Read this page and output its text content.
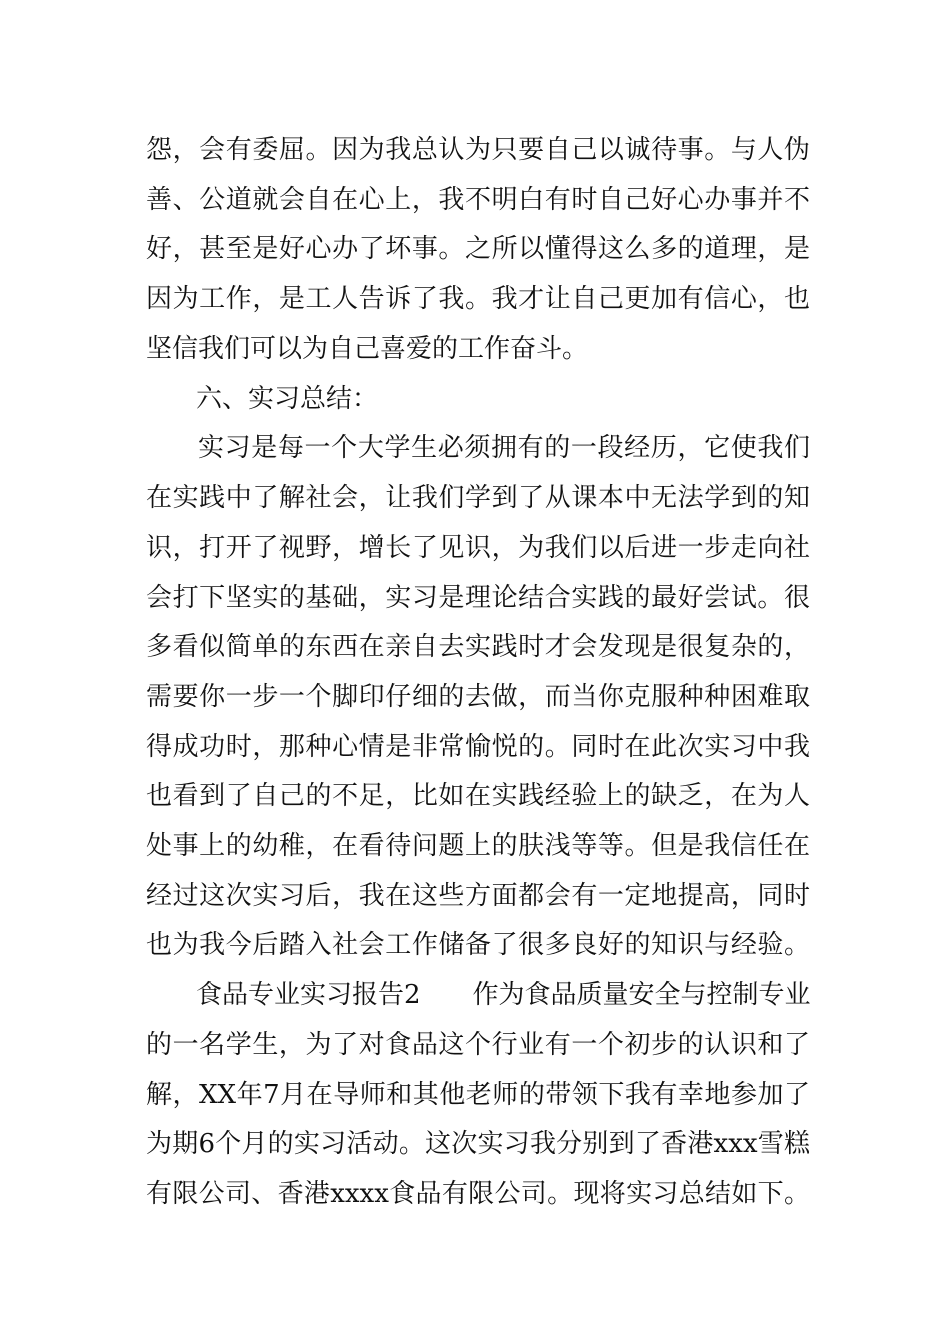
怨，会有委屈。因为我总认为只要自己以诚待事。与人伪
善、公道就会自在心上，我不明白有时自己好心办事并不
好，甚至是好心办了坏事。之所以懂得这么多的道理，是
因为工作，是工人告诉了我。我才让自己更加有信心，也
坚信我们可以为自己喜爱的工作奋斗。
六、实习总结：
实习是每一个大学生必须拥有的一段经历，它使我们
在实践中了解社会，让我们学到了从课本中无法学到的知
识，打开了视野，增长了见识，为我们以后进一步走向社
会打下坚实的基础，实习是理论结合实践的最好尝试。很
多看似简单的东西在亲自去实践时才会发现是很复杂的，
需要你一步一个脚印仔细的去做，而当你克服种种困难取
得成功时，那种心情是非常愉悦的。同时在此次实习中我
也看到了自己的不足，比如在实践经验上的缺乏，在为人
处事上的幼稚，在看待问题上的肤浅等等。但是我信任在
经过这次实习后，我在这些方面都会有一定地提高，同时
也为我今后踏入社会工作储备了很多良好的知识与经验。
食品专业实习报告2　　作为食品质量安全与控制专业
的一名学生，为了对食品这个行业有一个初步的认识和了
解，XX年7月在导师和其他老师的带领下我有幸地参加了
为期6个月的实习活动。这次实习我分别到了香港xxx雪糕
有限公司、香港xxxx食品有限公司。现将实习总结如下。
